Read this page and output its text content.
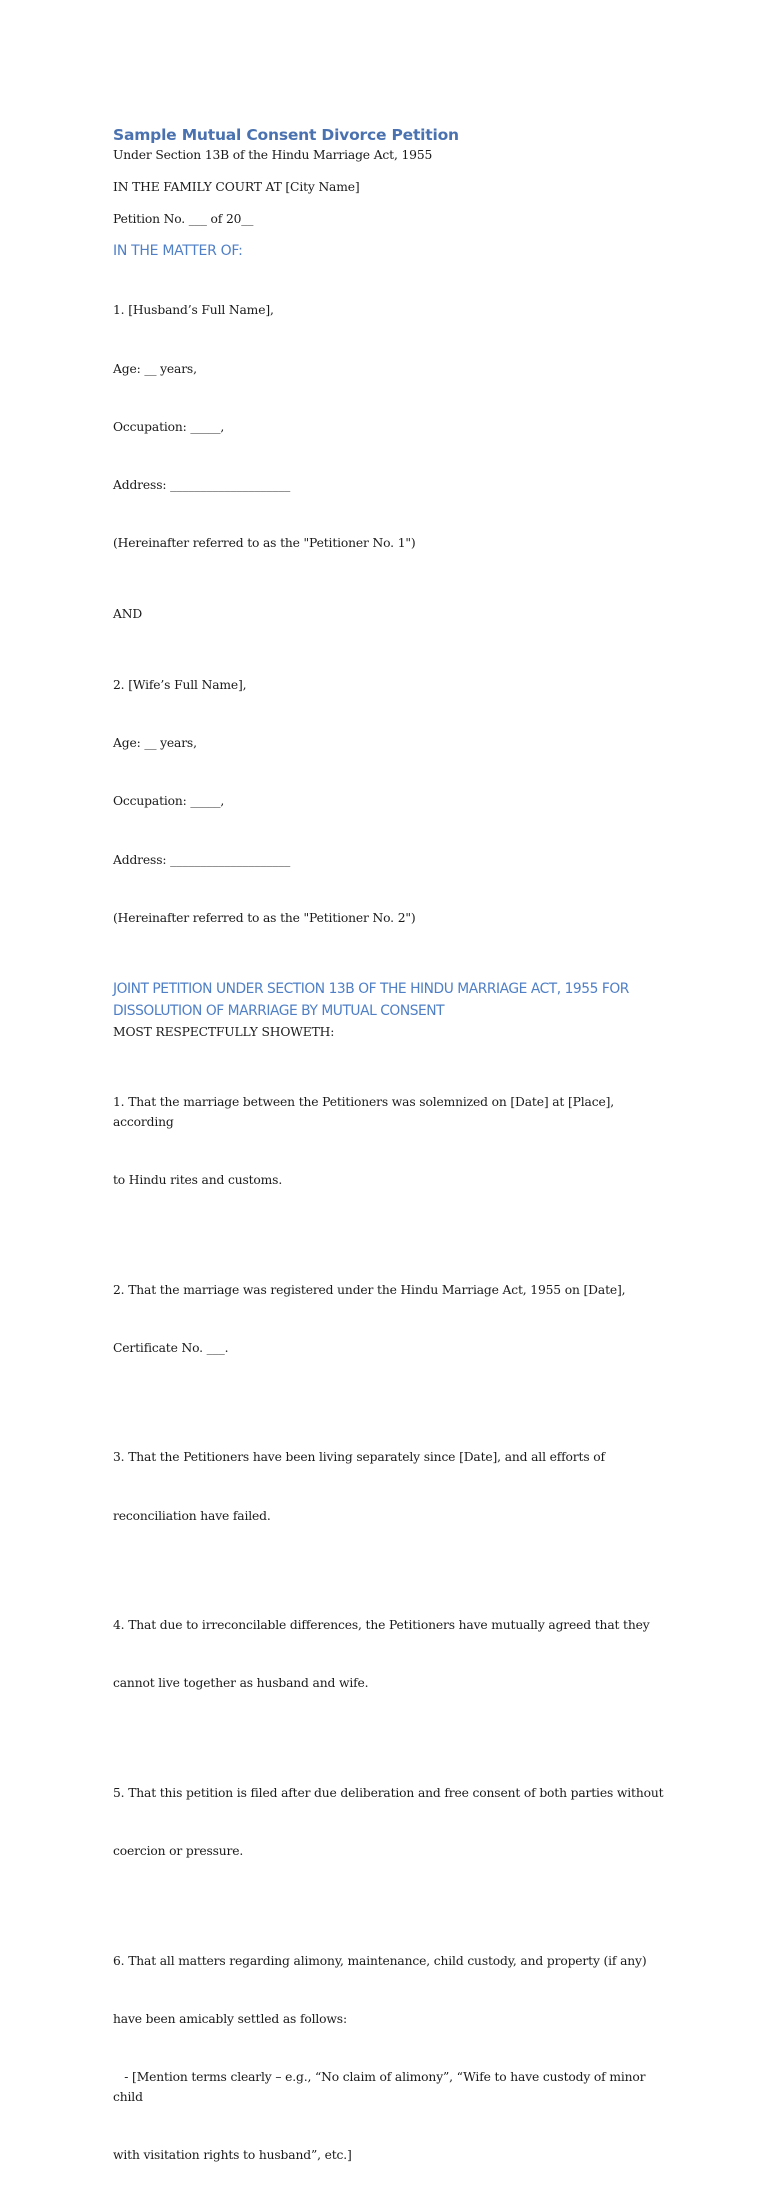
Sample Mutual Consent Divorce Petition

Under Section 13B of the Hindu Marriage Act, 1955

IN THE FAMILY COURT AT [City Name]

Petition No. ___ of 20__

IN THE MATTER OF:

1. [Husband’s Full Name],

Age: __ years,

Occupation: _____,

Address: ____________________

(Hereinafter referred to as the "Petitioner No. 1")

AND

2. [Wife’s Full Name],

Age: __ years,

Occupation: _____,

Address: ____________________

(Hereinafter referred to as the "Petitioner No. 2")

JOINT PETITION UNDER SECTION 13B OF THE HINDU MARRIAGE ACT, 1955 FOR
DISSOLUTION OF MARRIAGE BY MUTUAL CONSENT

MOST RESPECTFULLY SHOWETH:

1. That the marriage between the Petitioners was solemnized on [Date] at [Place], according

to Hindu rites and customs.

2. That the marriage was registered under the Hindu Marriage Act, 1955 on [Date],

Certificate No. ___.

3. That the Petitioners have been living separately since [Date], and all efforts of

reconciliation have failed.

4. That due to irreconcilable differences, the Petitioners have mutually agreed that they

cannot live together as husband and wife.

5. That this petition is filed after due deliberation and free consent of both parties without

coercion or pressure.

6. That all matters regarding alimony, maintenance, child custody, and property (if any)

have been amicably settled as follows:

- [Mention terms clearly – e.g., “No claim of alimony”, “Wife to have custody of minor child

with visitation rights to husband”, etc.]
